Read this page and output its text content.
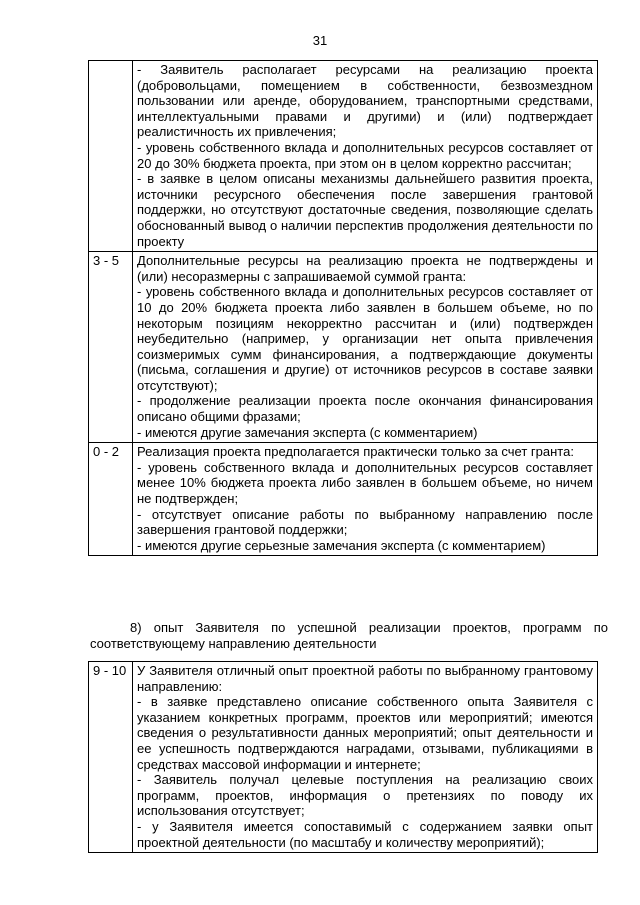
31

	- Заявитель располагает ресурсами на реализацию проекта (добровольцами, помещением в собственности, безвозмездном пользовании или аренде, оборудованием, транспортными средствами, интеллектуальными правами и другими) и (или) подтверждает реалистичность их привлечения;

- уровень собственного вклада и дополнительных ресурсов составляет от 20 до 30% бюджета проекта, при этом он в целом корректно рассчитан;

- в заявке в целом описаны механизмы дальнейшего развития проекта, источники ресурсного обеспечения после завершения грантовой поддержки, но отсутствуют достаточные сведения, позволяющие сделать обоснованный вывод о наличии перспектив продолжения деятельности по проекту

3 - 5	Дополнительные ресурсы на реализацию проекта не подтверждены и (или) несоразмерны с запрашиваемой суммой гранта:

- уровень собственного вклада и дополнительных ресурсов составляет от 10 до 20% бюджета проекта либо заявлен в большем объеме, но по некоторым позициям некорректно рассчитан и (или) подтвержден неубедительно (например, у организации нет опыта привлечения соизмеримых сумм финансирования, а подтверждающие документы (письма, соглашения и другие) от источников ресурсов в составе заявки отсутствуют);

- продолжение реализации проекта после окончания финансирования описано общими фразами;

- имеются другие замечания эксперта (с комментарием)

0 - 2	Реализация проекта предполагается практически только за счет гранта:

- уровень собственного вклада и дополнительных ресурсов составляет менее 10% бюджета проекта либо заявлен в большем объеме, но ничем не подтвержден;

- отсутствует описание работы по выбранному направлению после завершения грантовой поддержки;

- имеются другие серьезные замечания эксперта (с комментарием)

8) опыт Заявителя по успешной реализации проектов, программ по соответствующему направлению деятельности
9 - 10	У Заявителя отличный опыт проектной работы по выбранному грантовому направлению:

- в заявке представлено описание собственного опыта Заявителя с указанием конкретных программ, проектов или мероприятий; имеются сведения о результативности данных мероприятий; опыт деятельности и ее успешность подтверждаются наградами, отзывами, публикациями в средствах массовой информации и интернете;

- Заявитель получал целевые поступления на реализацию своих программ, проектов, информация о претензиях по поводу их использования отсутствует;

- у Заявителя имеется сопоставимый с содержанием заявки опыт проектной деятельности (по масштабу и количеству мероприятий);
